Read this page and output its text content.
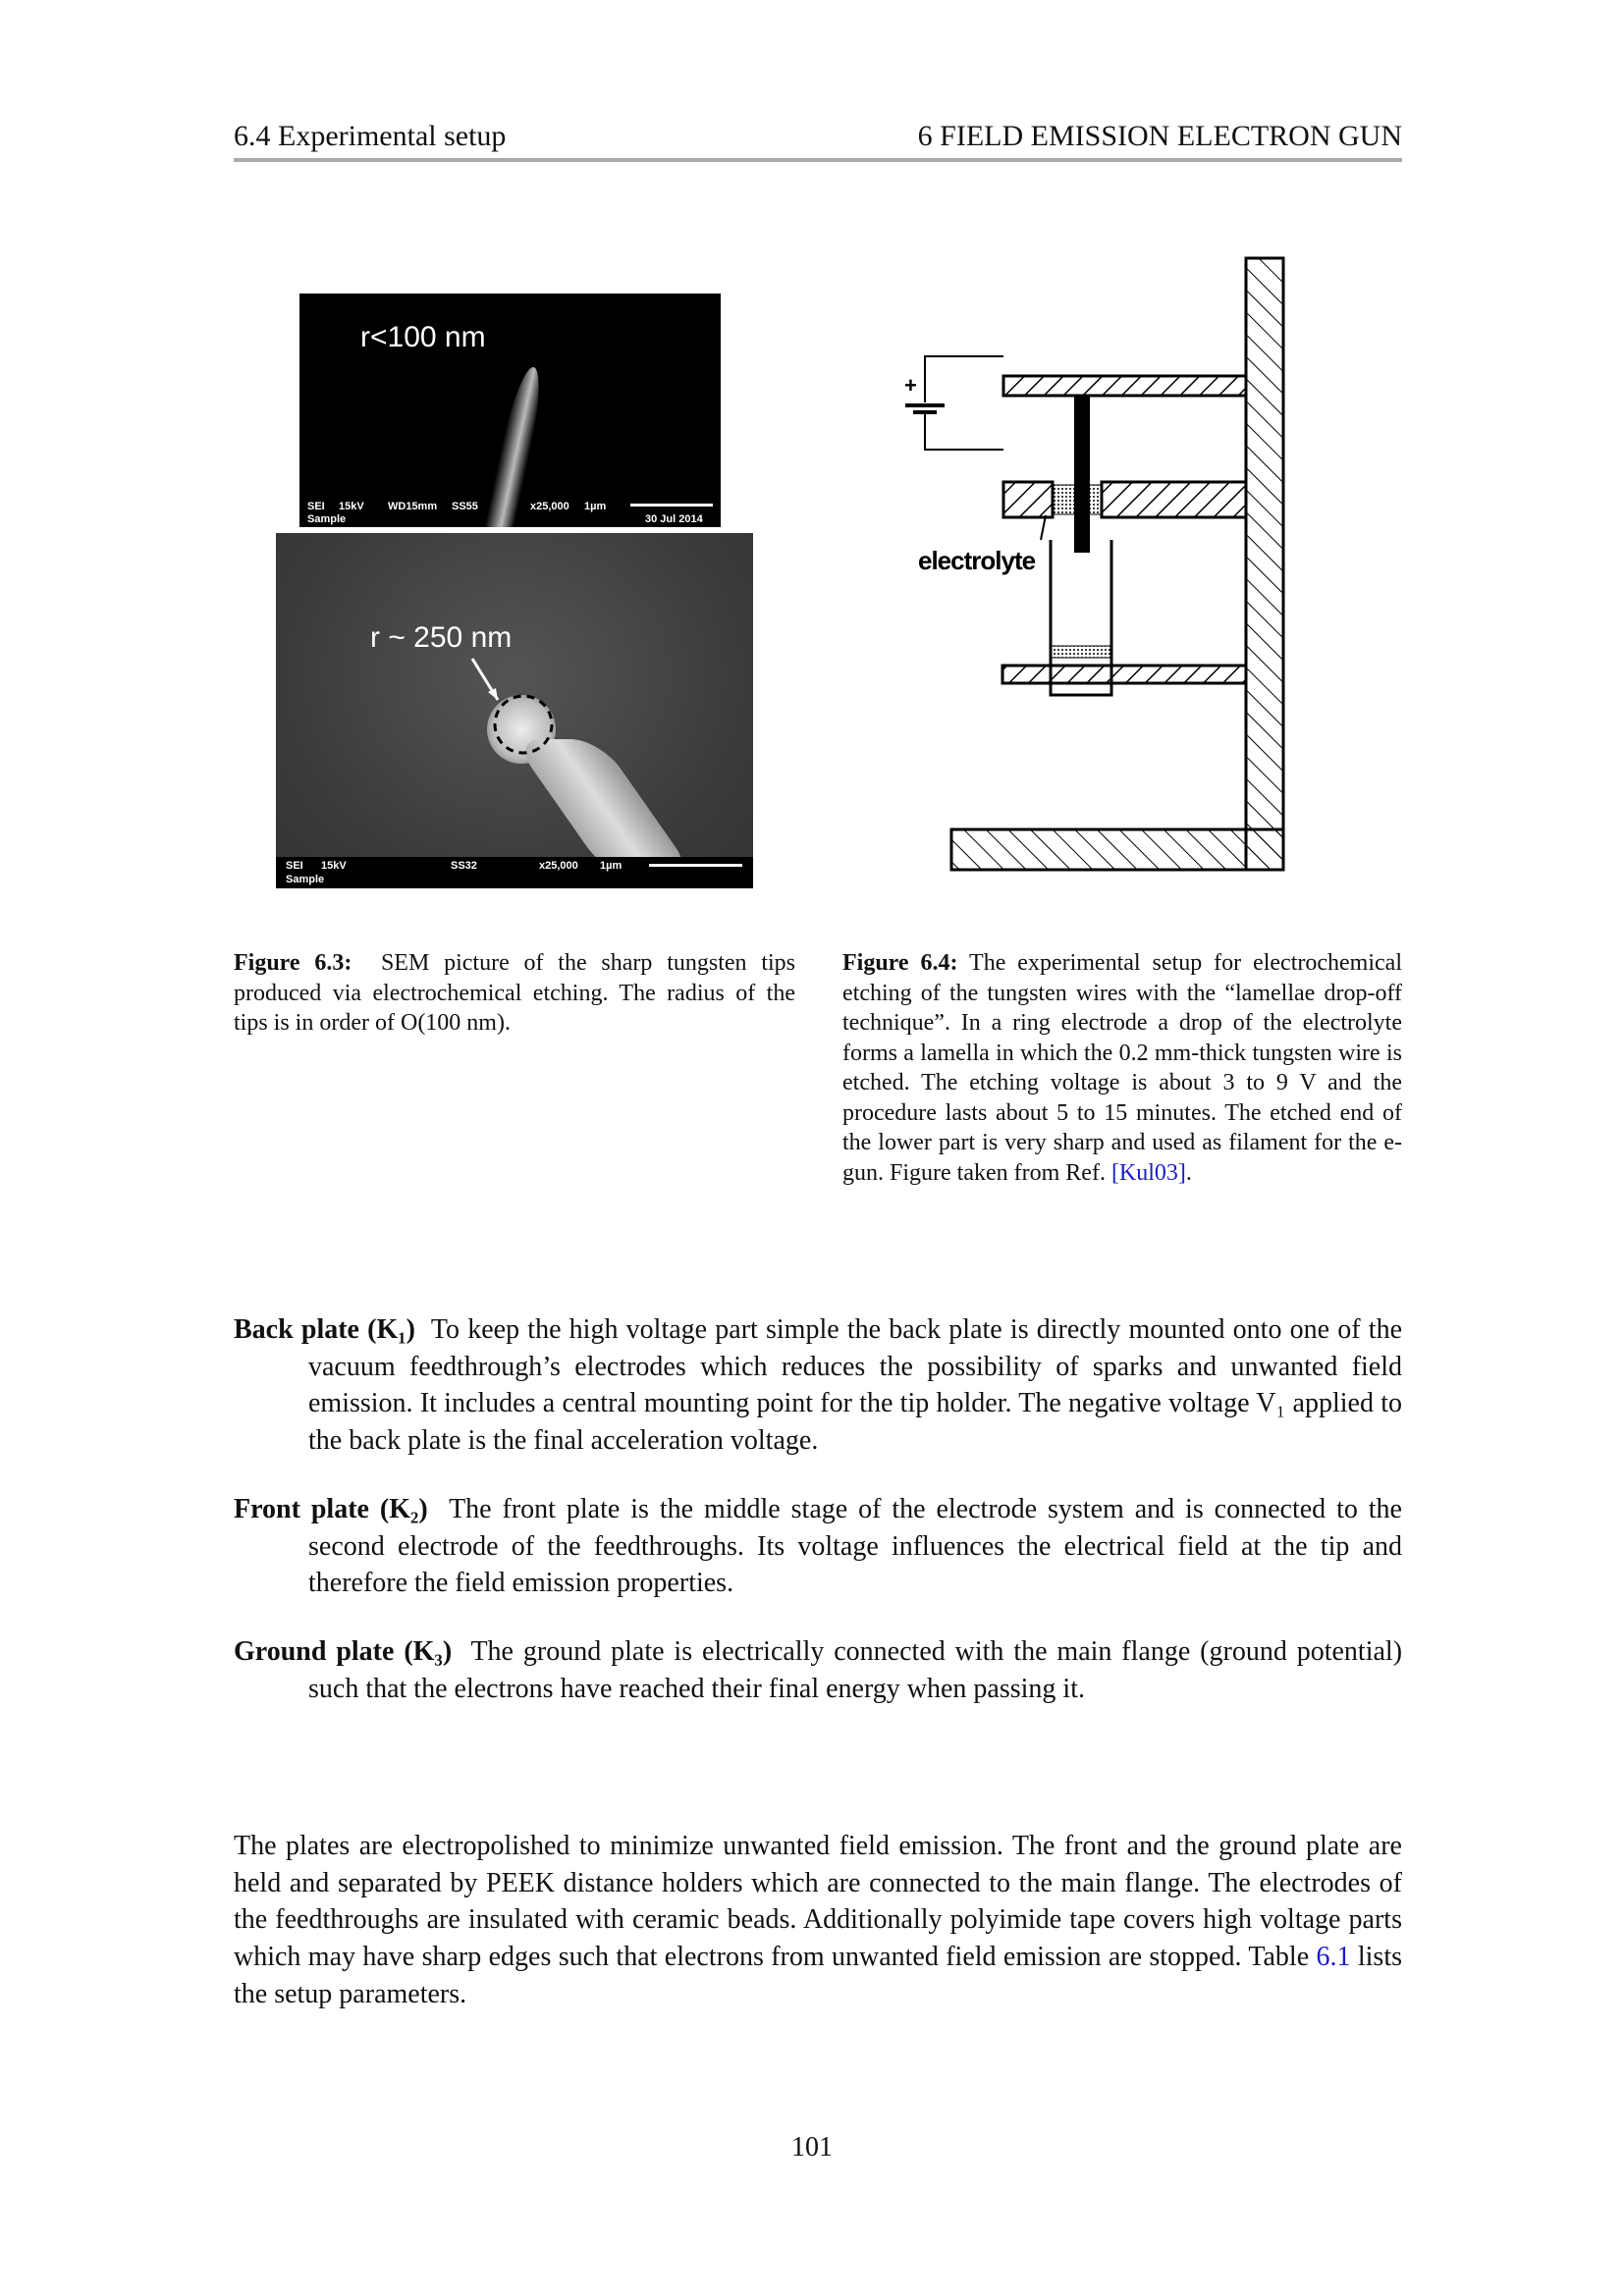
6.4 Experimental setup	6 FIELD EMISSION ELECTRON GUN
r<100 nm
SEI 15kV WD15mm SS55	x25,000 1µm
Sample	30 Jul 2014
r ~ 250 nm
SEI 15kV	SS32	x25,000 1µm
Sample
+
electrolyte
Figure 6.3: SEM picture of the sharp tungsten tips produced via electrochemical etching. The radius of the tips is in order of O(100 nm).
Figure 6.4: The experimental setup for electrochemical etching of the tungsten wires with the “lamellae drop-off technique”. In a ring electrode a drop of the electrolyte forms a lamella in which the 0.2 mm-thick tungsten wire is etched. The etching voltage is about 3 to 9 V and the procedure lasts about 5 to 15 minutes. The etched end of the lower part is very sharp and used as filament for the e-gun. Figure taken from Ref. [Kul03].
Back plate (K₁) To keep the high voltage part simple the back plate is directly mounted onto one of the vacuum feedthrough’s electrodes which reduces the possibility of sparks and unwanted field emission. It includes a central mounting point for the tip holder. The negative voltage V₁ applied to the back plate is the final acceleration voltage.
Front plate (K₂) The front plate is the middle stage of the electrode system and is connected to the second electrode of the feedthroughs. Its voltage influences the electrical field at the tip and therefore the field emission properties.
Ground plate (K₃) The ground plate is electrically connected with the main flange (ground potential) such that the electrons have reached their final energy when passing it.
The plates are electropolished to minimize unwanted field emission. The front and the ground plate are held and separated by PEEK distance holders which are connected to the main flange. The electrodes of the feedthroughs are insulated with ceramic beads. Additionally polyimide tape covers high voltage parts which may have sharp edges such that electrons from unwanted field emission are stopped. Table 6.1 lists the setup parameters.
101
